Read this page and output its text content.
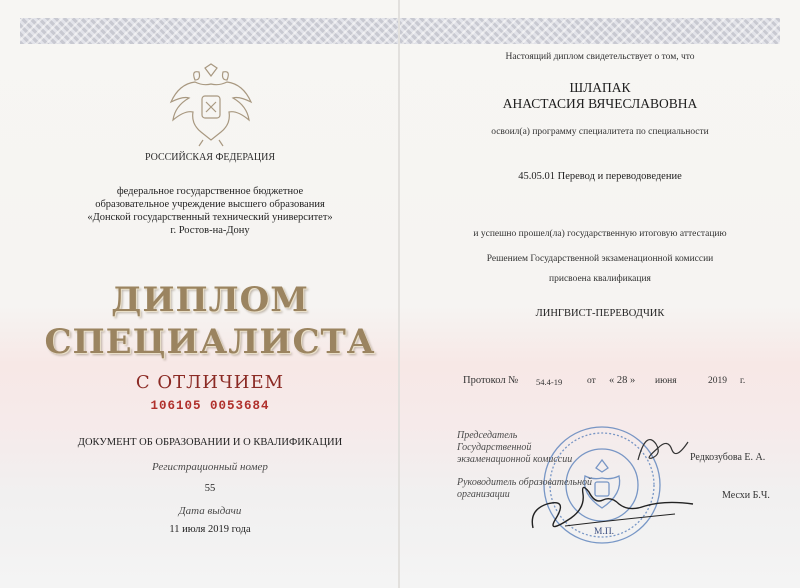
РОССИЙСКАЯ ФЕДЕРАЦИЯ

федеральное государственное бюджетное

образовательное учреждение высшего образования

«Донской государственный технический университет»

г. Ростов-на-Дону

ДИПЛОМ

СПЕЦИАЛИСТА

С ОТЛИЧИЕМ

106105 0053684

ДОКУМЕНТ ОБ ОБРАЗОВАНИИ И О КВАЛИФИКАЦИИ

Регистрационный номер

55

Дата выдачи

11 июля 2019 года

Настоящий диплом свидетельствует о том, что

ШЛАПАК

АНАСТАСИЯ ВЯЧЕСЛАВОВНА

освоил(а) программу специалитета по специальности

45.05.01 Перевод и переводоведение

и успешно прошел(ла) государственную итоговую аттестацию

Решением Государственной экзаменационной комиссии

присвоена квалификация

ЛИНГВИСТ-ПЕРЕВОДЧИК

Протокол № 54.4-19	от « 28 » июня	2019 г.

Председатель

Государственной

экзаменационной комиссии	Редкозубова Е. А.

Руководитель образовательной

организации	Месхи Б.Ч.

М.П.
